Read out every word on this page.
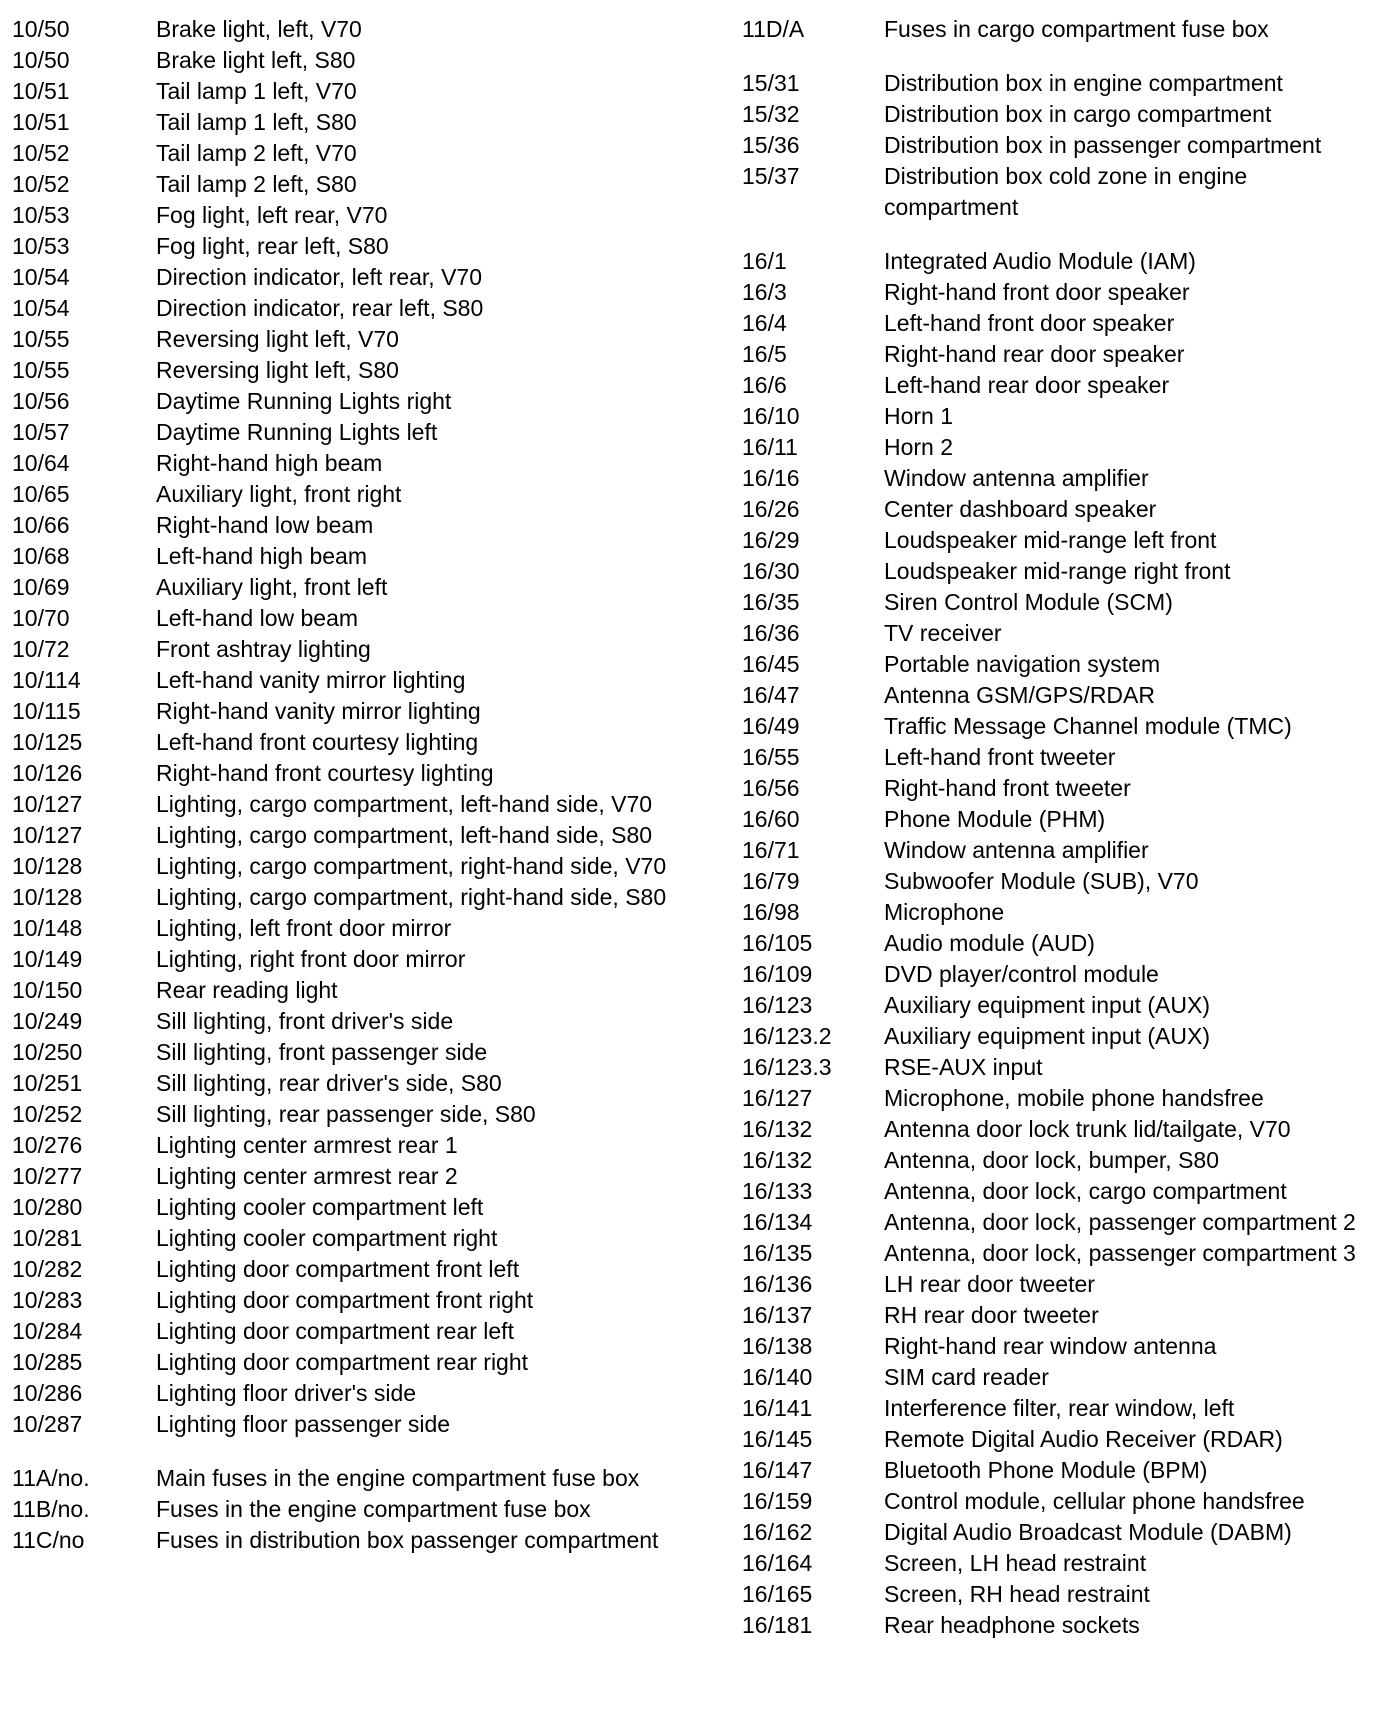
10/50	Brake light, left, V70
10/50	Brake light left, S80
10/51	Tail lamp 1 left, V70
10/51	Tail lamp 1 left, S80
10/52	Tail lamp 2 left, V70
10/52	Tail lamp 2 left, S80
10/53	Fog light, left rear, V70
10/53	Fog light, rear left, S80
10/54	Direction indicator, left rear, V70
10/54	Direction indicator, rear left, S80
10/55	Reversing light left, V70
10/55	Reversing light left, S80
10/56	Daytime Running Lights right
10/57	Daytime Running Lights left
10/64	Right-hand high beam
10/65	Auxiliary light, front right
10/66	Right-hand low beam
10/68	Left-hand high beam
10/69	Auxiliary light, front left
10/70	Left-hand low beam
10/72	Front ashtray lighting
10/114	Left-hand vanity mirror lighting
10/115	Right-hand vanity mirror lighting
10/125	Left-hand front courtesy lighting
10/126	Right-hand front courtesy lighting
10/127	Lighting, cargo compartment, left-hand side, V70
10/127	Lighting, cargo compartment, left-hand side, S80
10/128	Lighting, cargo compartment, right-hand side, V70
10/128	Lighting, cargo compartment, right-hand side, S80
10/148	Lighting, left front door mirror
10/149	Lighting, right front door mirror
10/150	Rear reading light
10/249	Sill lighting, front driver's side
10/250	Sill lighting, front passenger side
10/251	Sill lighting, rear driver's side, S80
10/252	Sill lighting, rear passenger side, S80
10/276	Lighting center armrest rear 1
10/277	Lighting center armrest rear 2
10/280	Lighting cooler compartment left
10/281	Lighting cooler compartment right
10/282	Lighting door compartment front left
10/283	Lighting door compartment front right
10/284	Lighting door compartment rear left
10/285	Lighting door compartment rear right
10/286	Lighting floor driver's side
10/287	Lighting floor passenger side
11A/no.	Main fuses in the engine compartment fuse box
11B/no.	Fuses in the engine compartment fuse box
11C/no	Fuses in distribution box passenger compartment
11D/A	Fuses in cargo compartment fuse box
15/31	Distribution box in engine compartment
15/32	Distribution box in cargo compartment
15/36	Distribution box in passenger compartment
15/37	Distribution box cold zone in engine compartment
16/1	Integrated Audio Module (IAM)
16/3	Right-hand front door speaker
16/4	Left-hand front door speaker
16/5	Right-hand rear door speaker
16/6	Left-hand rear door speaker
16/10	Horn 1
16/11	Horn 2
16/16	Window antenna amplifier
16/26	Center dashboard speaker
16/29	Loudspeaker mid-range left front
16/30	Loudspeaker mid-range right front
16/35	Siren Control Module (SCM)
16/36	TV receiver
16/45	Portable navigation system
16/47	Antenna GSM/GPS/RDAR
16/49	Traffic Message Channel module (TMC)
16/55	Left-hand front tweeter
16/56	Right-hand front tweeter
16/60	Phone Module (PHM)
16/71	Window antenna amplifier
16/79	Subwoofer Module (SUB), V70
16/98	Microphone
16/105	Audio module (AUD)
16/109	DVD player/control module
16/123	Auxiliary equipment input (AUX)
16/123.2	Auxiliary equipment input (AUX)
16/123.3	RSE-AUX input
16/127	Microphone, mobile phone handsfree
16/132	Antenna door lock trunk lid/tailgate, V70
16/132	Antenna, door lock, bumper, S80
16/133	Antenna, door lock, cargo compartment
16/134	Antenna, door lock, passenger compartment 2
16/135	Antenna, door lock, passenger compartment 3
16/136	LH rear door tweeter
16/137	RH rear door tweeter
16/138	Right-hand rear window antenna
16/140	SIM card reader
16/141	Interference filter, rear window, left
16/145	Remote Digital Audio Receiver (RDAR)
16/147	Bluetooth Phone Module (BPM)
16/159	Control module, cellular phone handsfree
16/162	Digital Audio Broadcast Module (DABM)
16/164	Screen, LH head restraint
16/165	Screen, RH head restraint
16/181	Rear headphone sockets
